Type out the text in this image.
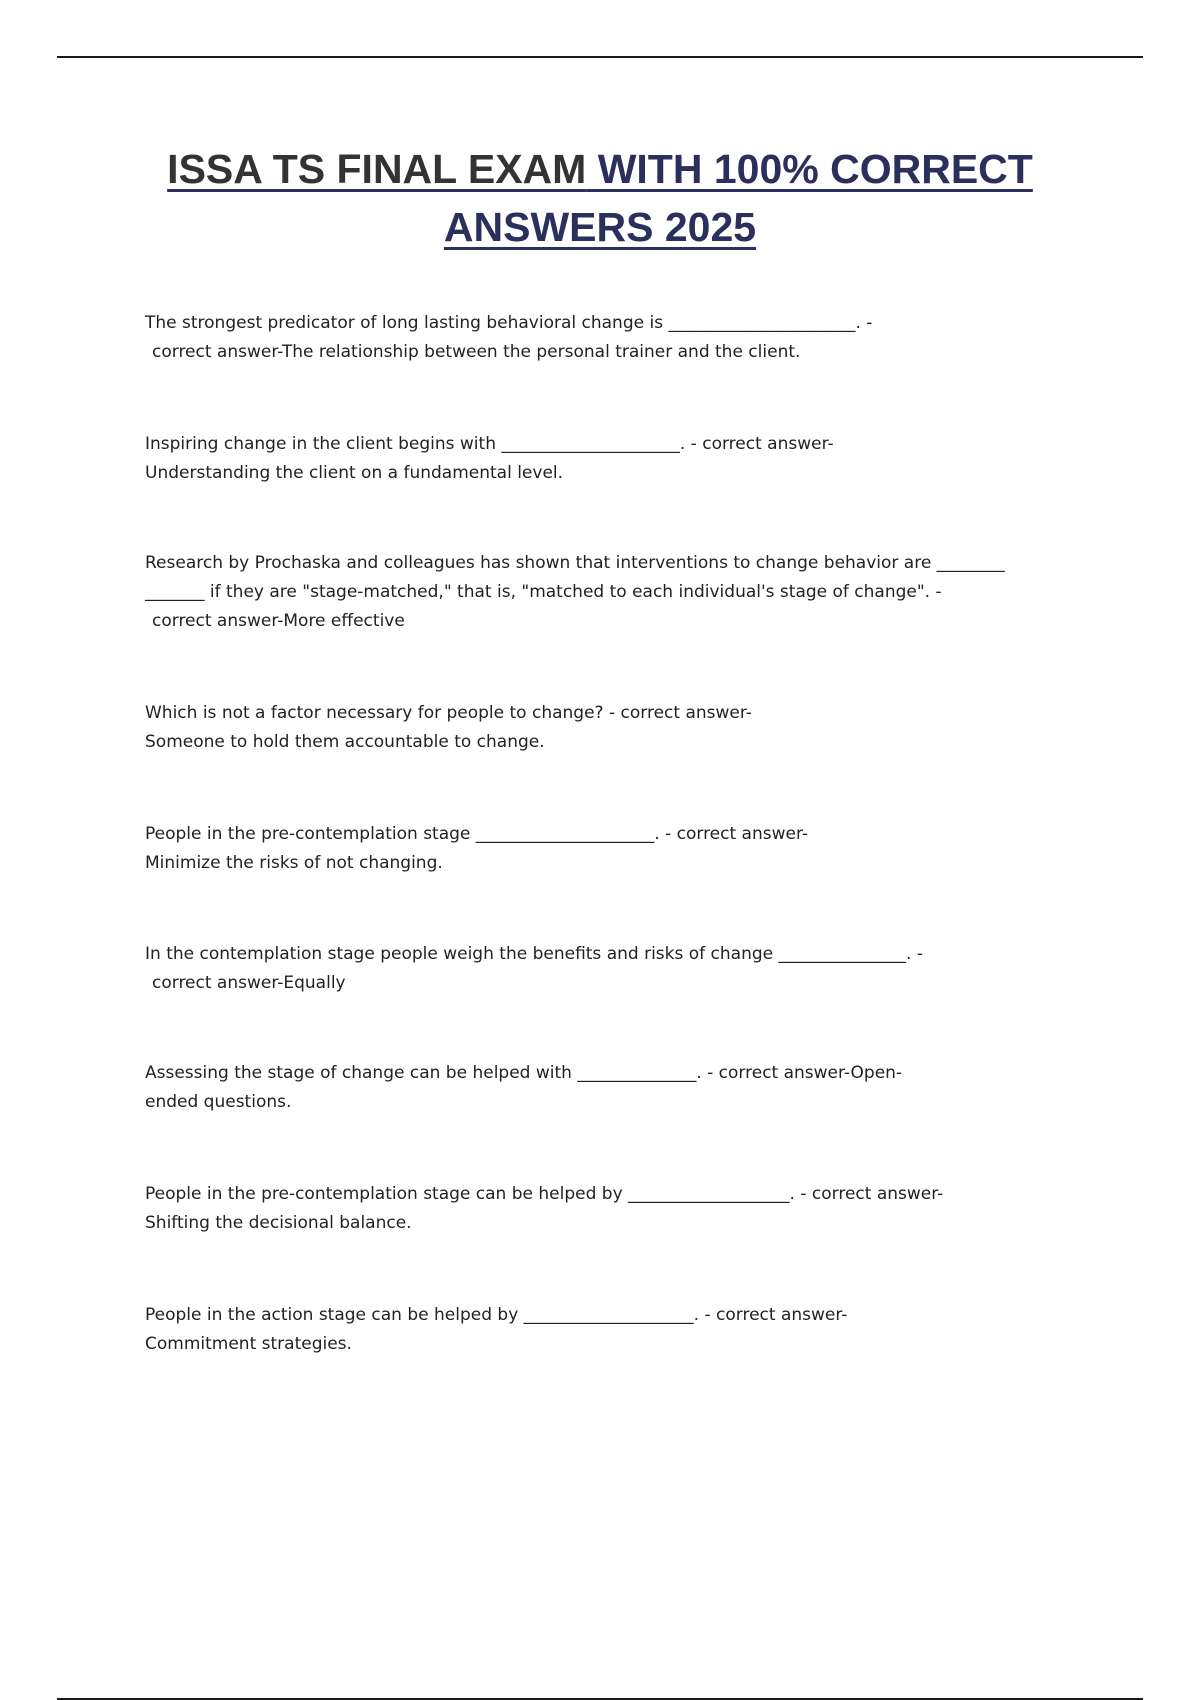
ISSA TS FINAL EXAM WITH 100% CORRECT
ANSWERS 2025
The strongest predicator of long lasting behavioral change is ______________________. -
correct answer-The relationship between the personal trainer and the client.
Inspiring change in the client begins with _____________________. - correct answer-
Understanding the client on a fundamental level.
Research by Prochaska and colleagues has shown that interventions to change behavior are ________
_______ if they are "stage-matched," that is, "matched to each individual's stage of change". -
correct answer-More effective
Which is not a factor necessary for people to change? - correct answer-
Someone to hold them accountable to change.
People in the pre-contemplation stage _____________________. - correct answer-
Minimize the risks of not changing.
In the contemplation stage people weigh the benefits and risks of change _______________. -
correct answer-Equally
Assessing the stage of change can be helped with ______________. - correct answer-Open-
ended questions.
People in the pre-contemplation stage can be helped by ___________________. - correct answer-
Shifting the decisional balance.
People in the action stage can be helped by ____________________. - correct answer-
Commitment strategies.
